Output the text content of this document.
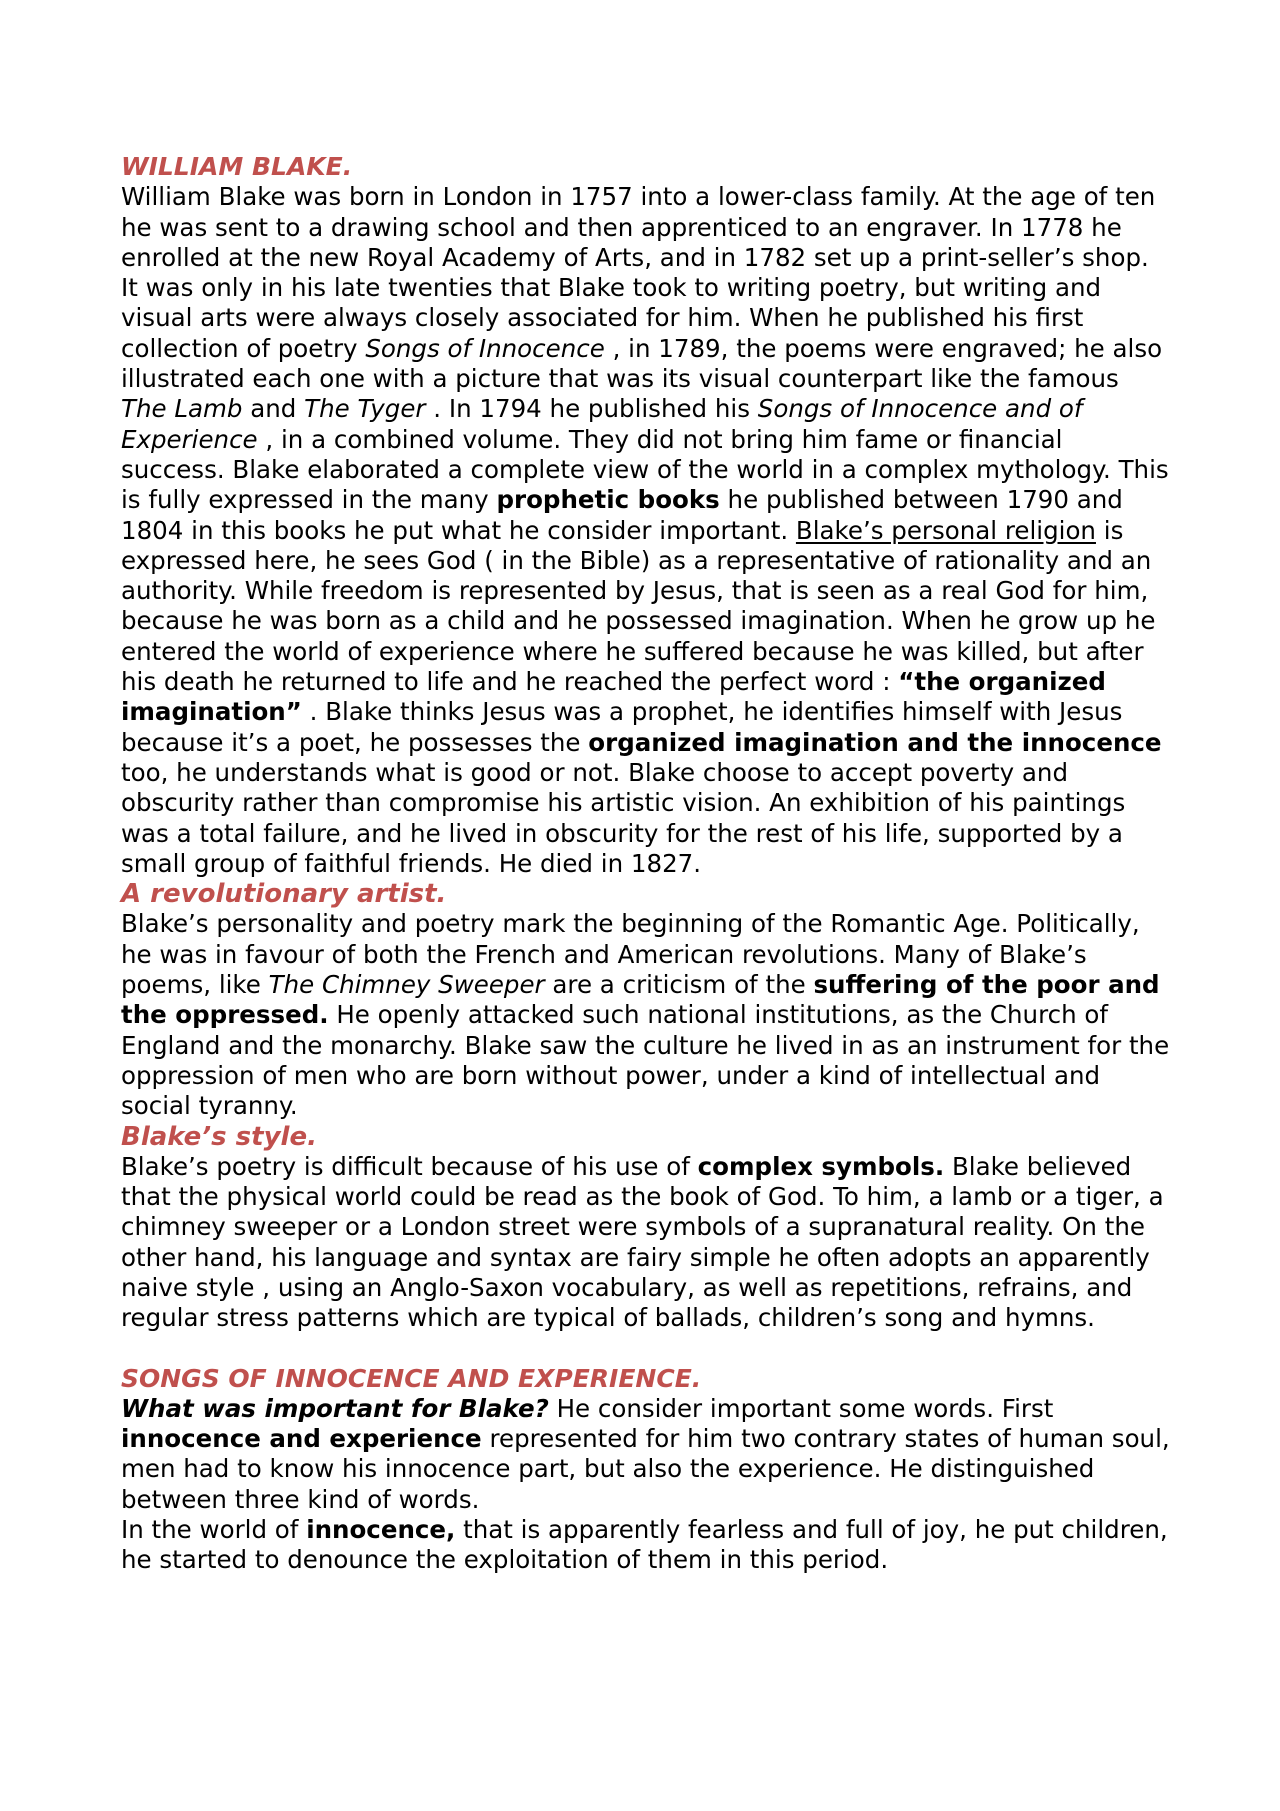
WILLIAM BLAKE.

William Blake was born in London in 1757 into a lower-class family. At the age of ten he was sent to a drawing school and then apprenticed to an engraver. In 1778 he enrolled at the new Royal Academy of Arts, and in 1782 set up a print-seller’s shop. It was only in his late twenties that Blake took to writing poetry, but writing and visual arts were always closely associated for him. When he published his first collection of poetry Songs of Innocence , in 1789, the poems were engraved; he also illustrated each one with a picture that was its visual counterpart like the famous The Lamb and The Tyger . In 1794 he published his Songs of Innocence and of Experience , in a combined volume. They did not bring him fame or financial success. Blake elaborated a complete view of the world in a complex mythology. This is fully expressed in the many prophetic books he published between 1790 and 1804 in this books he put what he consider important. Blake’s personal religion is expressed here, he sees God ( in the Bible) as a representative of rationality and an authority. While freedom is represented by Jesus, that is seen as a real God for him, because he was born as a child and he possessed imagination. When he grow up he entered the world of experience where he suffered because he was killed, but after his death he returned to life and he reached the perfect word : “the organized imagination” . Blake thinks Jesus was a prophet, he identifies himself with Jesus because it’s a poet, he possesses the organized imagination and the innocence too, he understands what is good or not. Blake choose to accept poverty and obscurity rather than compromise his artistic vision. An exhibition of his paintings was a total failure, and he lived in obscurity for the rest of his life, supported by a small group of faithful friends. He died in 1827.

A revolutionary artist.

Blake’s personality and poetry mark the beginning of the Romantic Age. Politically, he was in favour of both the French and American revolutions. Many of Blake’s poems, like The Chimney Sweeper are a criticism of the suffering of the poor and the oppressed. He openly attacked such national institutions, as the Church of England and the monarchy. Blake saw the culture he lived in as an instrument for the oppression of men who are born without power, under a kind of intellectual and social tyranny.

Blake’s style.

Blake’s poetry is difficult because of his use of complex symbols. Blake believed that the physical world could be read as the book of God. To him, a lamb or a tiger, a chimney sweeper or a London street were symbols of a supranatural reality. On the other hand, his language and syntax are fairy simple he often adopts an apparently naive style , using an Anglo-Saxon vocabulary, as well as repetitions, refrains, and regular stress patterns which are typical of ballads, children’s song and hymns.

SONGS OF INNOCENCE AND EXPERIENCE.

What was important for Blake? He consider important some words. First innocence and experience represented for him two contrary states of human soul, men had to know his innocence part, but also the experience. He distinguished between three kind of words.

In the world of innocence, that is apparently fearless and full of joy, he put children, he started to denounce the exploitation of them in this period.
